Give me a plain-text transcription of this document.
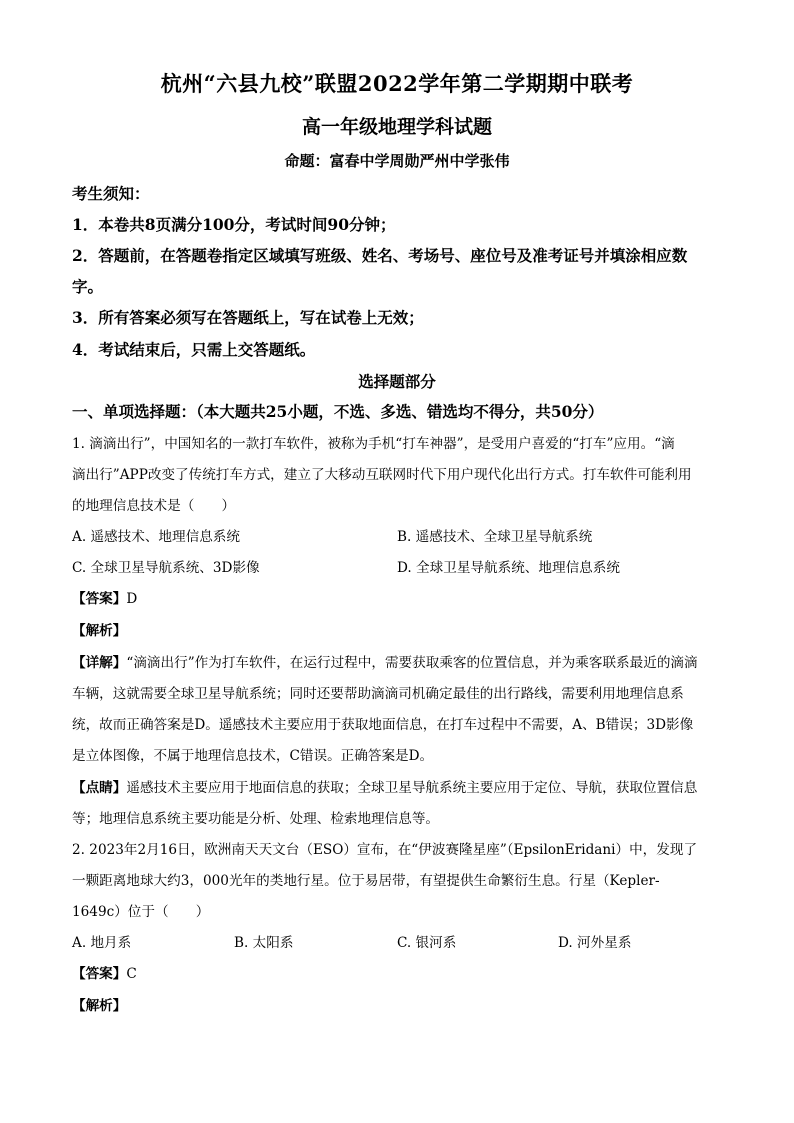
杭州“六县九校”联盟2022学年第二学期期中联考
高一年级地理学科试题
命题：富春中学周勋严州中学张伟
考生须知：
1．本卷共8页满分100分，考试时间90分钟；
2．答题前，在答题卷指定区域填写班级、姓名、考场号、座位号及准考证号并填涂相应数
字。
3．所有答案必须写在答题纸上，写在试卷上无效；
4．考试结束后，只需上交答题纸。
选择题部分
一、单项选择题：（本大题共25小题，不选、多选、错选均不得分，共50分）
1. 滴滴出行”，中国知名的一款打车软件，被称为手机“打车神器”，是受用户喜爱的“打车”应用。“滴
滴出行”APP改变了传统打车方式，建立了大移动互联网时代下用户现代化出行方式。打车软件可能利用
的地理信息技术是（　　）
A. 遥感技术、地理信息系统	B. 遥感技术、全球卫星导航系统
C. 全球卫星导航系统、3D影像	D. 全球卫星导航系统、地理信息系统
【答案】D
【解析】
【详解】“滴滴出行”作为打车软件，在运行过程中，需要获取乘客的位置信息，并为乘客联系最近的滴滴
车辆，这就需要全球卫星导航系统；同时还要帮助滴滴司机确定最佳的出行路线，需要利用地理信息系
统，故而正确答案是D。遥感技术主要应用于获取地面信息，在打车过程中不需要，A、B错误；3D影像
是立体图像，不属于地理信息技术，C错误。正确答案是D。
【点睛】遥感技术主要应用于地面信息的获取；全球卫星导航系统主要应用于定位、导航，获取位置信息
等；地理信息系统主要功能是分析、处理、检索地理信息等。
2. 2023年2月16日，欧洲南天天文台（ESO）宣布，在“伊波赛隆星座”（EpsilonEridani）中，发现了
一颗距离地球大约3，000光年的类地行星。位于易居带，有望提供生命繁衍生息。行星（Kepler-
1649c）位于（　　）
A. 地月系	B. 太阳系	C. 银河系	D. 河外星系
【答案】C
【解析】
